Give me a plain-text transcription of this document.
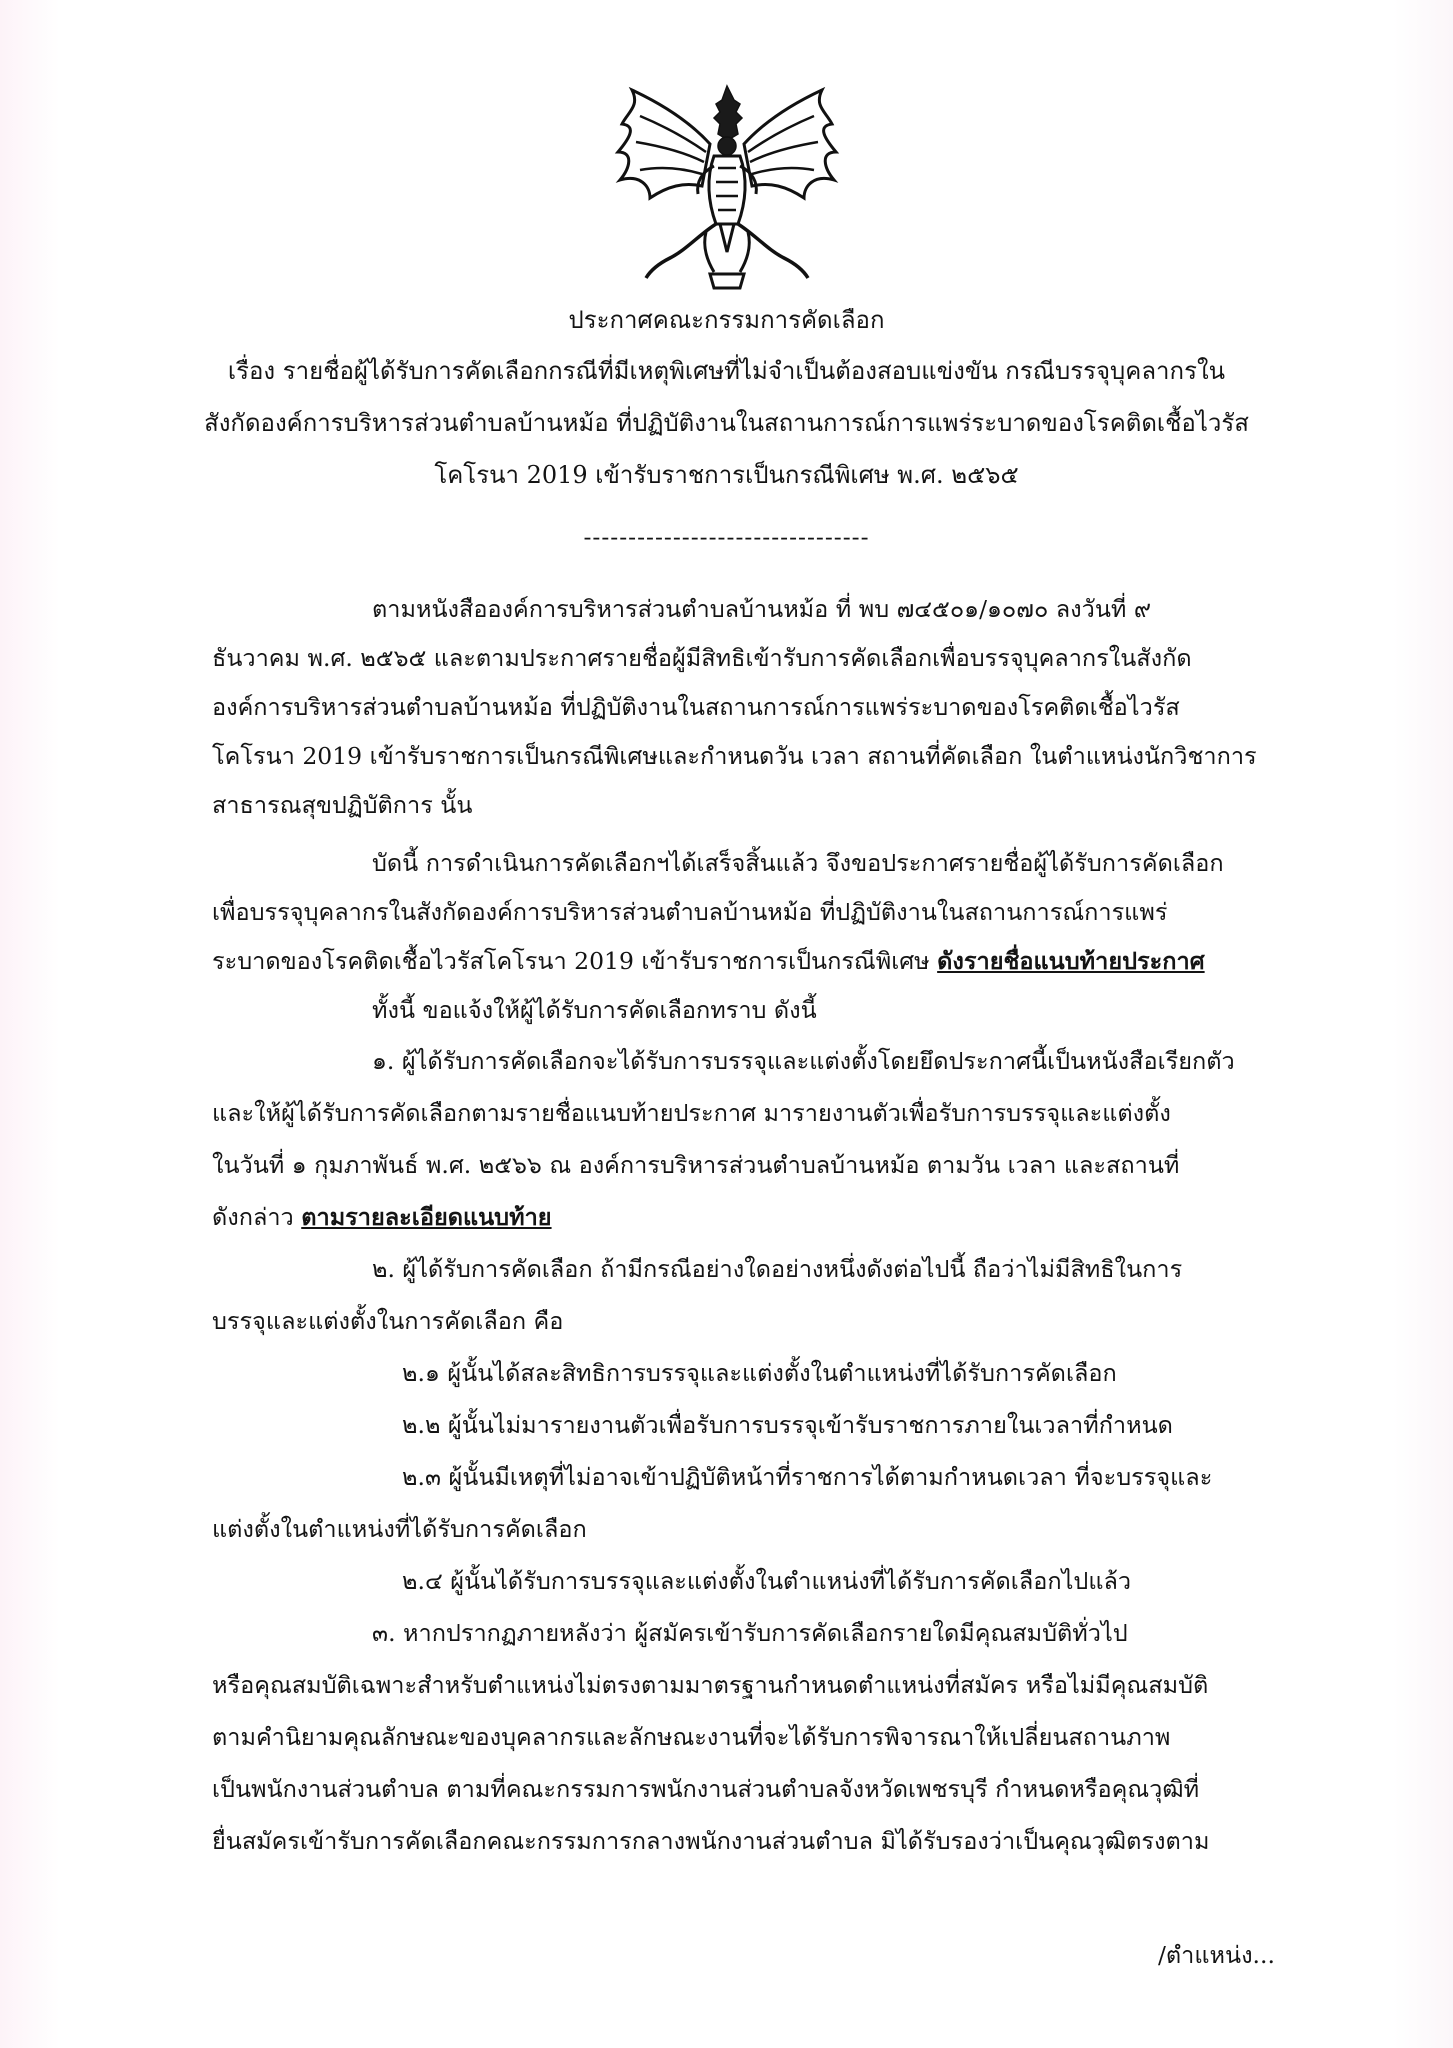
ประกาศคณะกรรมการคัดเลือก
เรื่อง รายชื่อผู้ได้รับการคัดเลือกกรณีที่มีเหตุพิเศษที่ไม่จำเป็นต้องสอบแข่งขัน กรณีบรรจุบุคลากรใน
สังกัดองค์การบริหารส่วนตำบลบ้านหม้อ ที่ปฏิบัติงานในสถานการณ์การแพร่ระบาดของโรคติดเชื้อไวรัส
โคโรนา 2019 เข้ารับราชการเป็นกรณีพิเศษ พ.ศ. ๒๕๖๕
--------------------------------
ตามหนังสือองค์การบริหารส่วนตำบลบ้านหม้อ ที่ พบ ๗๔๕๐๑/๑๐๗๐ ลงวันที่ ๙
ธันวาคม พ.ศ. ๒๕๖๕ และตามประกาศรายชื่อผู้มีสิทธิเข้ารับการคัดเลือกเพื่อบรรจุบุคลากรในสังกัด
องค์การบริหารส่วนตำบลบ้านหม้อ ที่ปฏิบัติงานในสถานการณ์การแพร่ระบาดของโรคติดเชื้อไวรัส
โคโรนา 2019 เข้ารับราชการเป็นกรณีพิเศษและกำหนดวัน เวลา สถานที่คัดเลือก ในตำแหน่งนักวิชาการ
สาธารณสุขปฏิบัติการ นั้น
บัดนี้ การดำเนินการคัดเลือกฯได้เสร็จสิ้นแล้ว จึงขอประกาศรายชื่อผู้ได้รับการคัดเลือก
เพื่อบรรจุบุคลากรในสังกัดองค์การบริหารส่วนตำบลบ้านหม้อ ที่ปฏิบัติงานในสถานการณ์การแพร่
ระบาดของโรคติดเชื้อไวรัสโคโรนา 2019 เข้ารับราชการเป็นกรณีพิเศษ ดังรายชื่อแนบท้ายประกาศ
ทั้งนี้ ขอแจ้งให้ผู้ได้รับการคัดเลือกทราบ ดังนี้
๑. ผู้ได้รับการคัดเลือกจะได้รับการบรรจุและแต่งตั้งโดยยึดประกาศนี้เป็นหนังสือเรียกตัว
และให้ผู้ได้รับการคัดเลือกตามรายชื่อแนบท้ายประกาศ มารายงานตัวเพื่อรับการบรรจุและแต่งตั้ง
ในวันที่ ๑ กุมภาพันธ์ พ.ศ. ๒๕๖๖ ณ องค์การบริหารส่วนตำบลบ้านหม้อ ตามวัน เวลา และสถานที่
ดังกล่าว ตามรายละเอียดแนบท้าย
๒. ผู้ได้รับการคัดเลือก ถ้ามีกรณีอย่างใดอย่างหนึ่งดังต่อไปนี้ ถือว่าไม่มีสิทธิในการ
บรรจุและแต่งตั้งในการคัดเลือก คือ
๒.๑ ผู้นั้นได้สละสิทธิการบรรจุและแต่งตั้งในตำแหน่งที่ได้รับการคัดเลือก
๒.๒ ผู้นั้นไม่มารายงานตัวเพื่อรับการบรรจุเข้ารับราชการภายในเวลาที่กำหนด
๒.๓ ผู้นั้นมีเหตุที่ไม่อาจเข้าปฏิบัติหน้าที่ราชการได้ตามกำหนดเวลา ที่จะบรรจุและ
แต่งตั้งในตำแหน่งที่ได้รับการคัดเลือก
๒.๔ ผู้นั้นได้รับการบรรจุและแต่งตั้งในตำแหน่งที่ได้รับการคัดเลือกไปแล้ว
๓. หากปรากฏภายหลังว่า ผู้สมัครเข้ารับการคัดเลือกรายใดมีคุณสมบัติทั่วไป
หรือคุณสมบัติเฉพาะสำหรับตำแหน่งไม่ตรงตามมาตรฐานกำหนดตำแหน่งที่สมัคร หรือไม่มีคุณสมบัติ
ตามคำนิยามคุณลักษณะของบุคลากรและลักษณะงานที่จะได้รับการพิจารณาให้เปลี่ยนสถานภาพ
เป็นพนักงานส่วนตำบล ตามที่คณะกรรมการพนักงานส่วนตำบลจังหวัดเพชรบุรี กำหนดหรือคุณวุฒิที่
ยื่นสมัครเข้ารับการคัดเลือกคณะกรรมการกลางพนักงานส่วนตำบล มิได้รับรองว่าเป็นคุณวุฒิตรงตาม
/ตำแหน่ง...
